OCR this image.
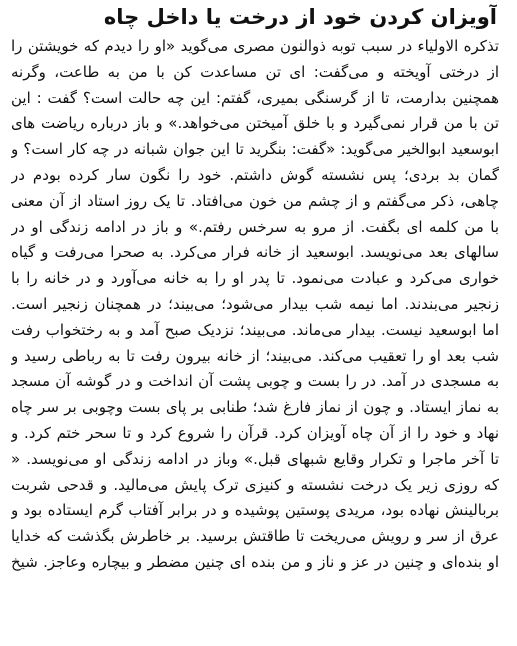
آویزان کردن خود از درخت یا داخل چاه
تذکره الاولیاء در سبب توبه ذوالنون مصری می‌گوید «او را دیدم که خویشتن را
از درختی آویخته و می‌گفت: ای تن مساعدت کن با من به طاعت، وگرنه
همچنین بدارمت، تا از گرسنگی بمیری، گفتم: این چه حالت است؟ گفت : این
تن با من قرار نمی‌گیرد و با خلق آمیختن می‌خواهد.» و باز درباره ریاضت های
ابوسعید ابوالخیر می‌گوید: «گفت: بنگرید تا این جوان شبانه در چه کار است؟ و
گمان بد بردی؛ پس نشسته گوش داشتم. خود را نگون سار کرده بودم در
چاهی، ذکر می‌گفتم و از چشم من خون می‌افتاد. تا یک روز استاد از آن معنی
با من کلمه ای بگفت. از مرو به سرخس رفتم.» و باز در ادامه زندگی او در
سالهای بعد می‌نویسد. ابوسعید از خانه فرار می‌کرد. به صحرا می‌رفت و گیاه
خواری می‌کرد و عبادت می‌نمود. تا پدر او را به خانه می‌آورد و در خانه را با
زنجیر می‌بندند. اما نیمه شب بیدار می‌شود؛ می‌بیند؛ در همچنان زنجیر است.
اما ابوسعید نیست. بیدار می‌ماند. می‌بیند؛ نزدیک صبح آمد و به رختخواب رفت
شب بعد او را تعقیب می‌کند. می‌بیند؛ از خانه بیرون رفت تا به رباطی رسید و
به مسجدی در آمد. در را بست و چوبی پشت آن انداخت و در گوشه آن مسجد
به نماز ایستاد. و چون از نماز فارغ شد؛ طنابی بر پای بست وچوبی بر سر چاه
نهاد و خود را از آن چاه آویزان کرد. قرآن را شروع کرد و تا سحر ختم کرد. و
تا آخر ماجرا و تکرار وقایع شبهای قبل.» وباز در ادامه زندگی او می‌نویسد. «
که روزی زیر یک درخت نشسته و کنیزی ترک پایش می‌مالید. و قدحی شربت
بربالینش نهاده بود، مریدی پوستین پوشیده و در برابر آفتاب گرم ایستاده بود و
عرق از سر و رویش می‌ریخت تا طاقتش برسید. بر خاطرش بگذشت که خدایا
او بنده‌ای و چنین در عز و ناز و من بنده ای چنین مضطر و بیچاره وعاجز. شیخ
